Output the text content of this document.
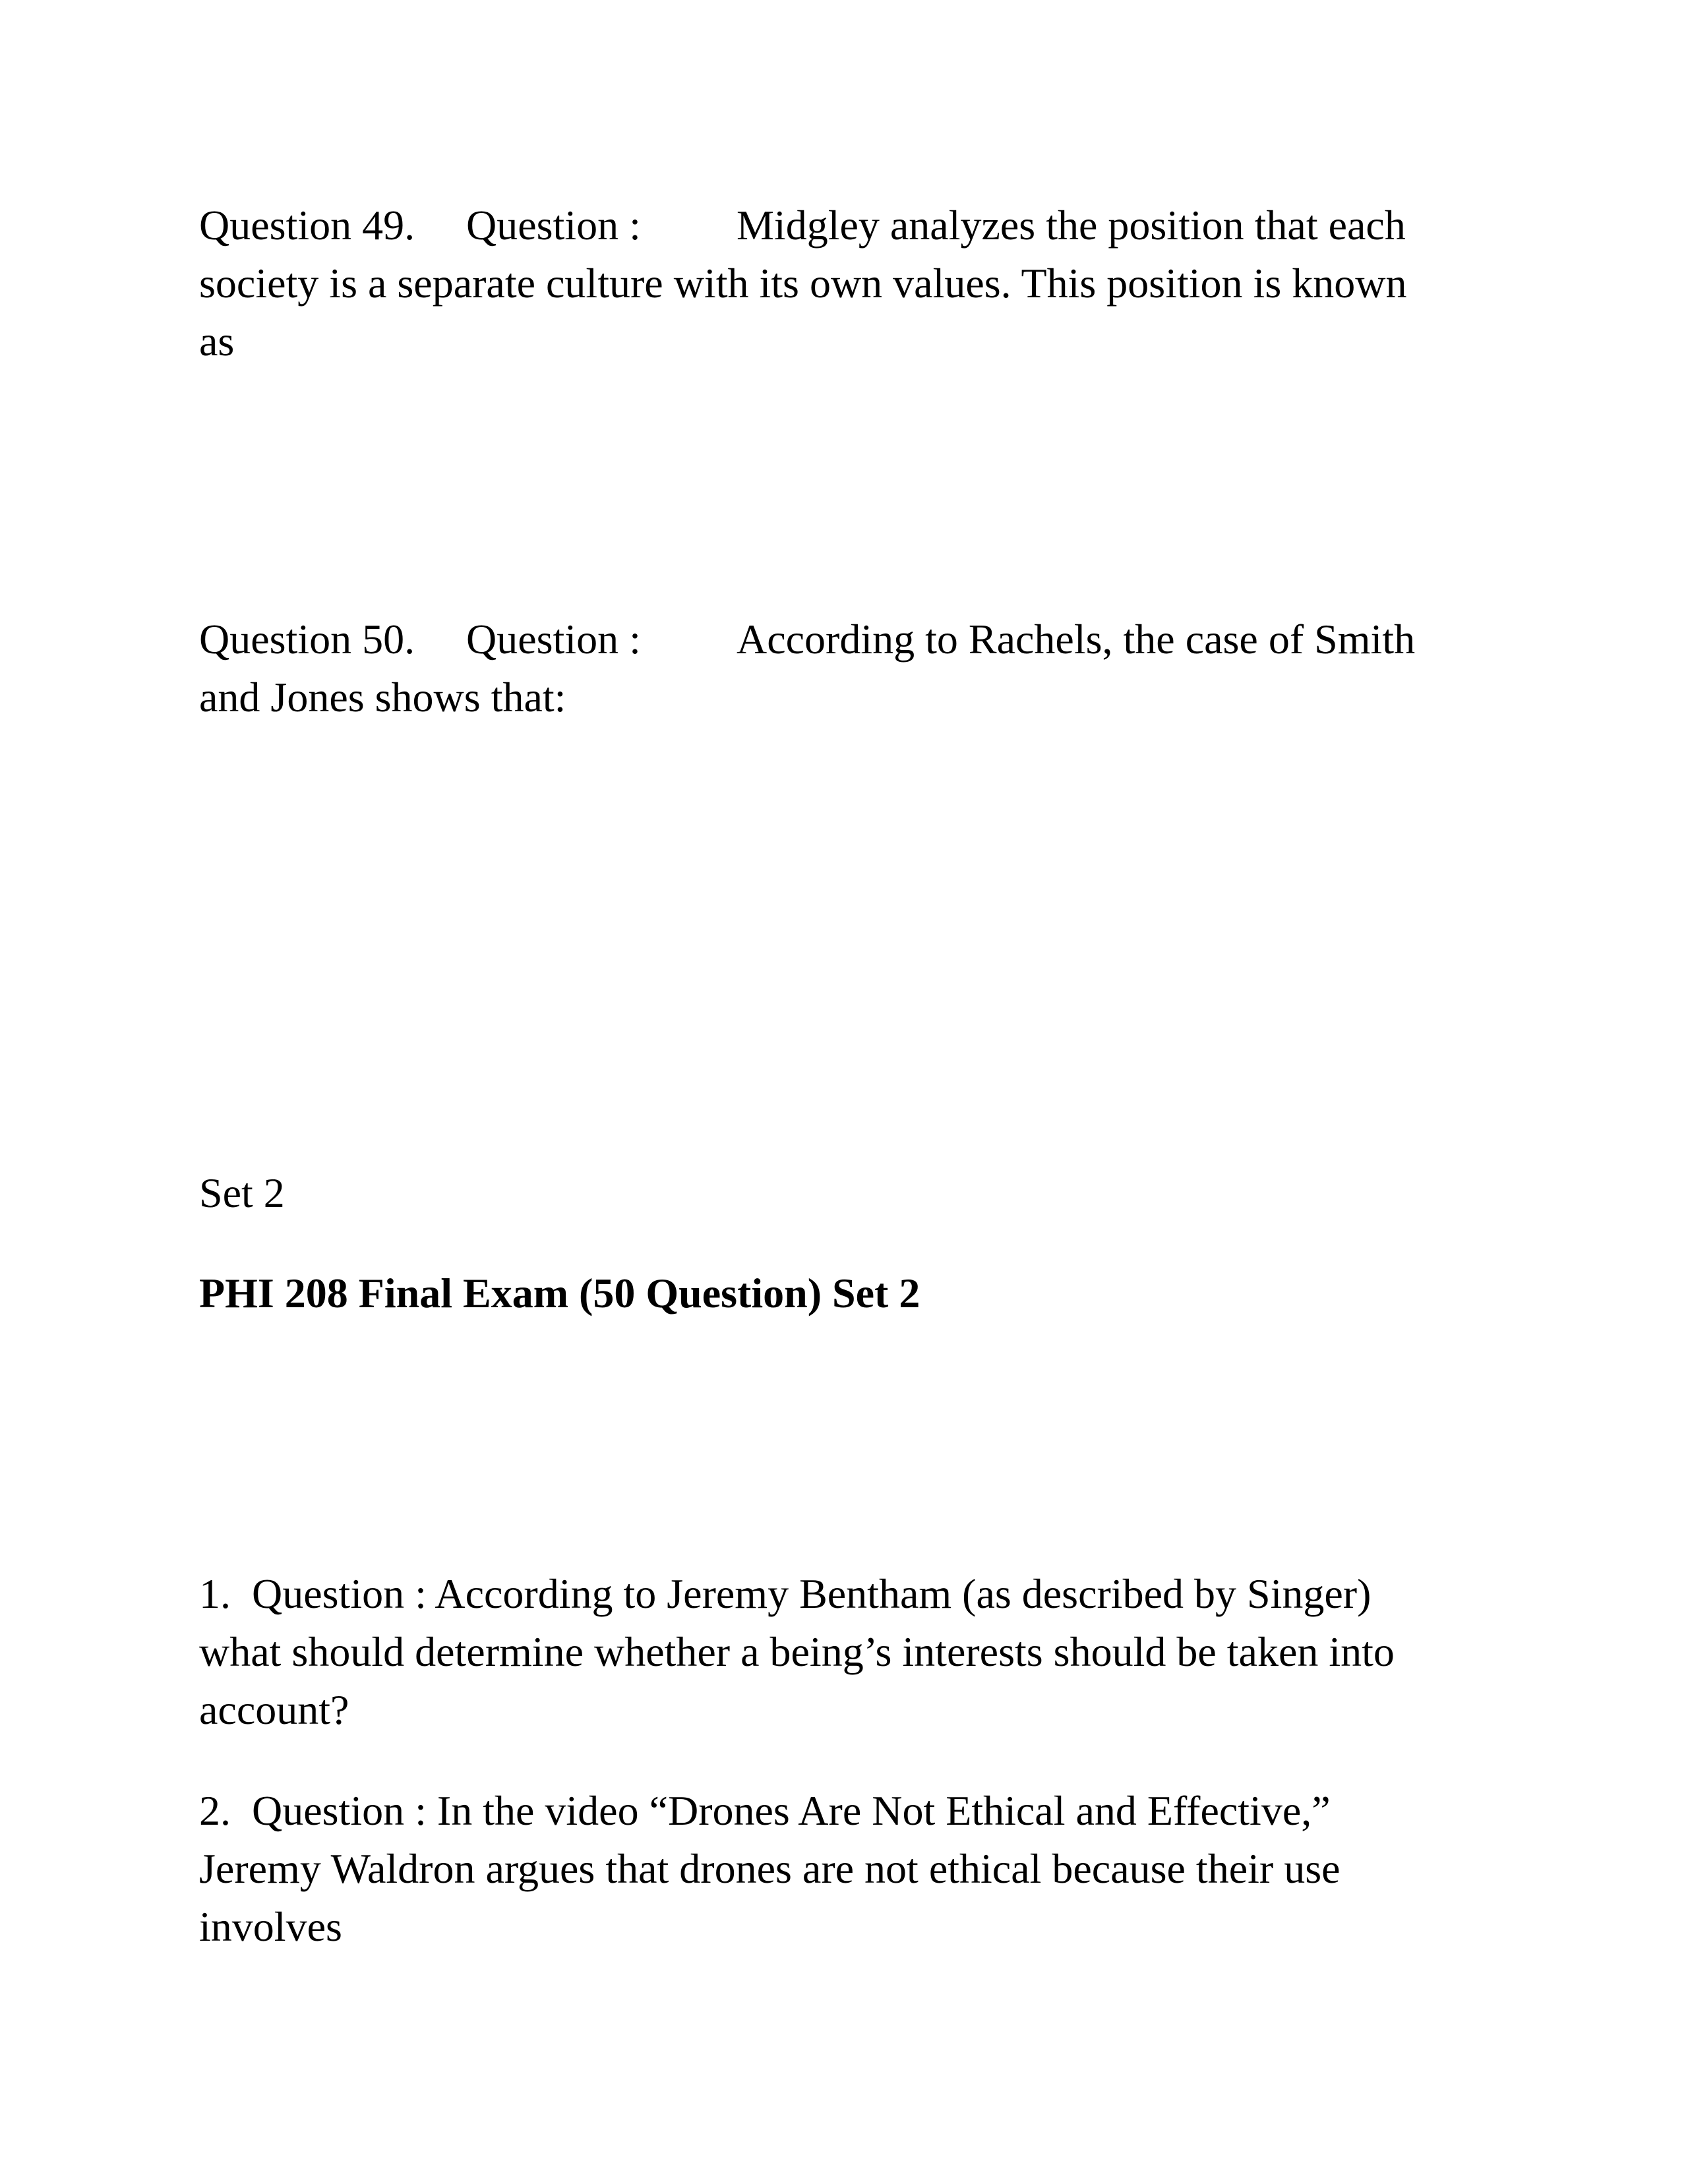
Question 49. Question : Midgley analyzes the position that each
society is a separate culture with its own values. This position is known
as
Question 50. Question : According to Rachels, the case of Smith
and Jones shows that:
Set 2
PHI 208 Final Exam (50 Question) Set 2
1. Question : According to Jeremy Bentham (as described by Singer)
what should determine whether a being’s interests should be taken into
account?
2. Question : In the video “Drones Are Not Ethical and Effective,”
Jeremy Waldron argues that drones are not ethical because their use
involves
